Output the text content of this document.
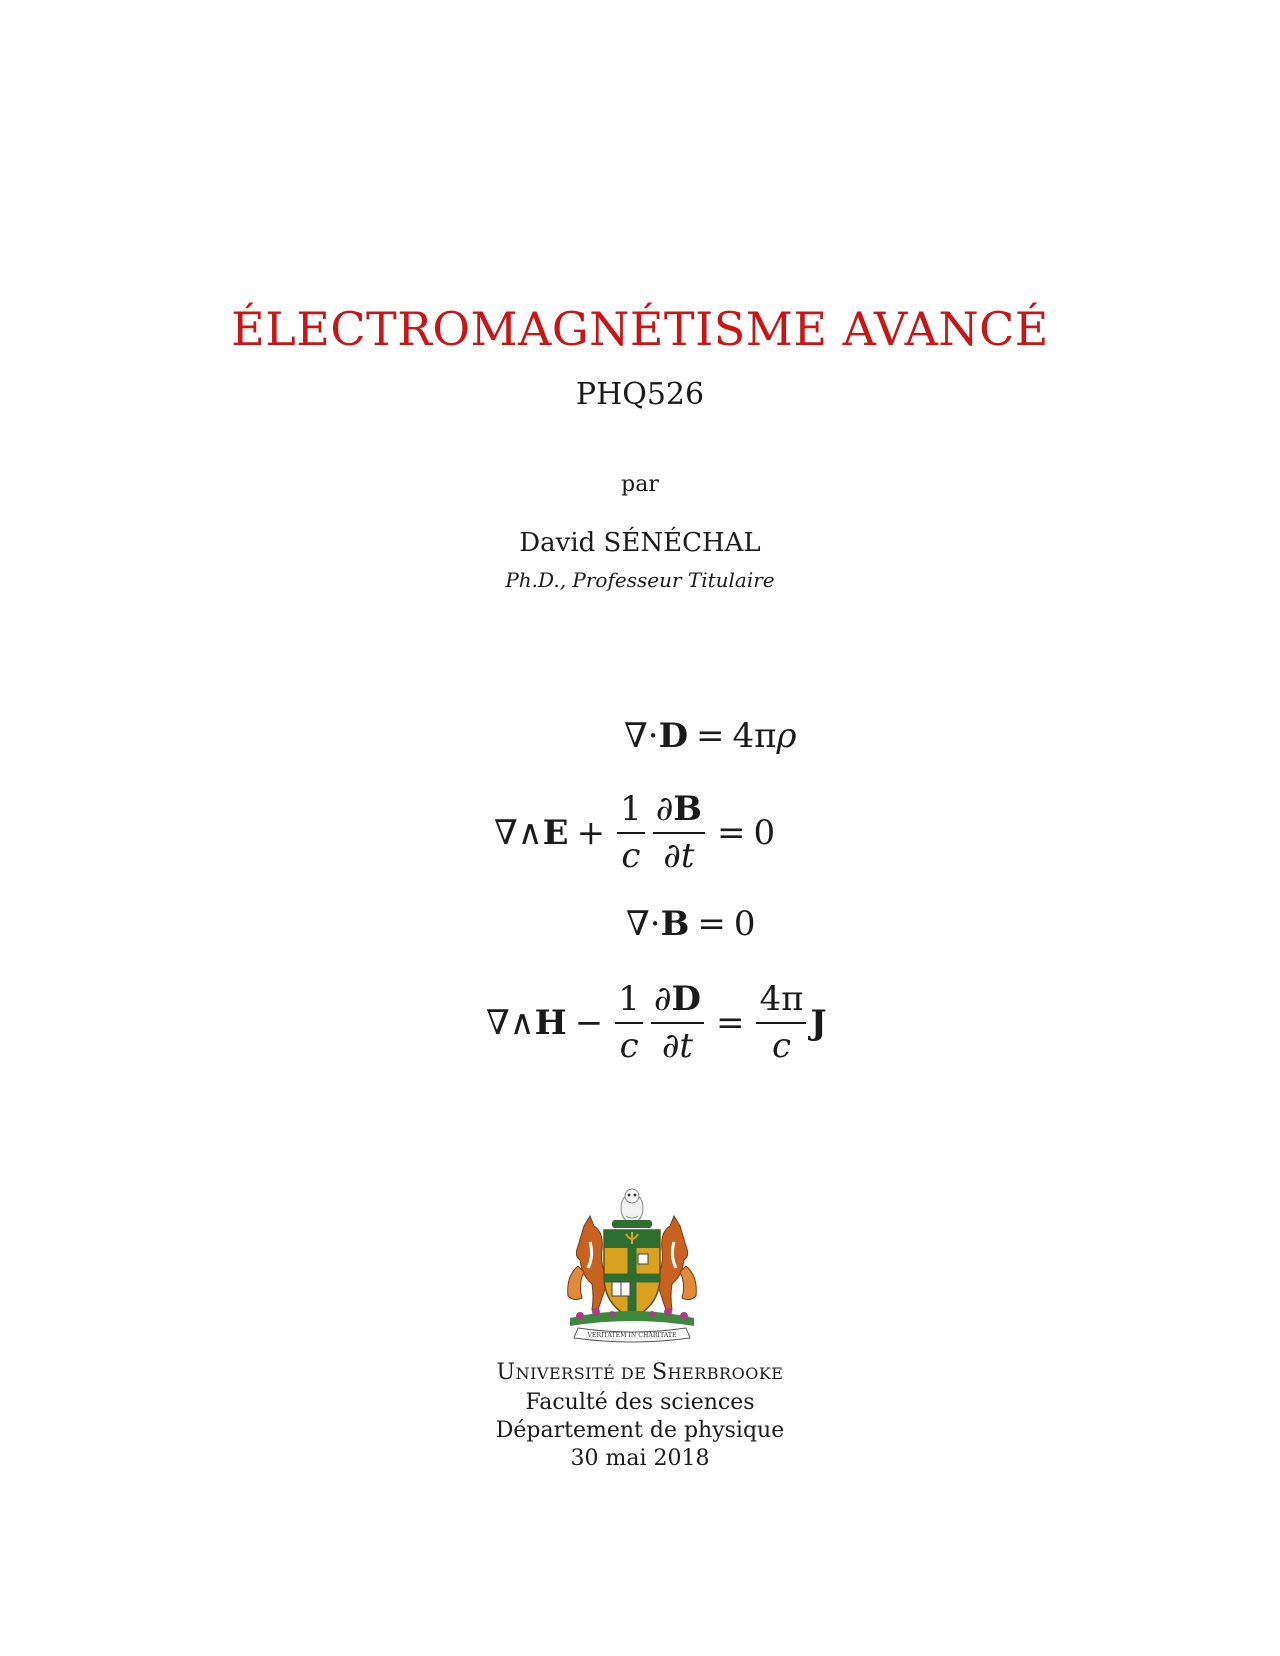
ÉLECTROMAGNÉTISME AVANCÉ
PHQ526
par
David SÉNÉCHAL
Ph.D., Professeur Titulaire
∇ · D = 4π ρ
∇ ∧ $E + \frac{1}{c} \frac{\partial B}{\partial t} = 0$
∇ · B = 0
∇ ∧ $H - \frac{1}{c} \frac{\partial D}{\partial t} = \frac{4\pi}{c}$ J
VERITATEM IN CHARITATE
UNIVERSITÉ DE SHERBROOKE
Faculté des sciences
Département de physique
30 mai 2018
